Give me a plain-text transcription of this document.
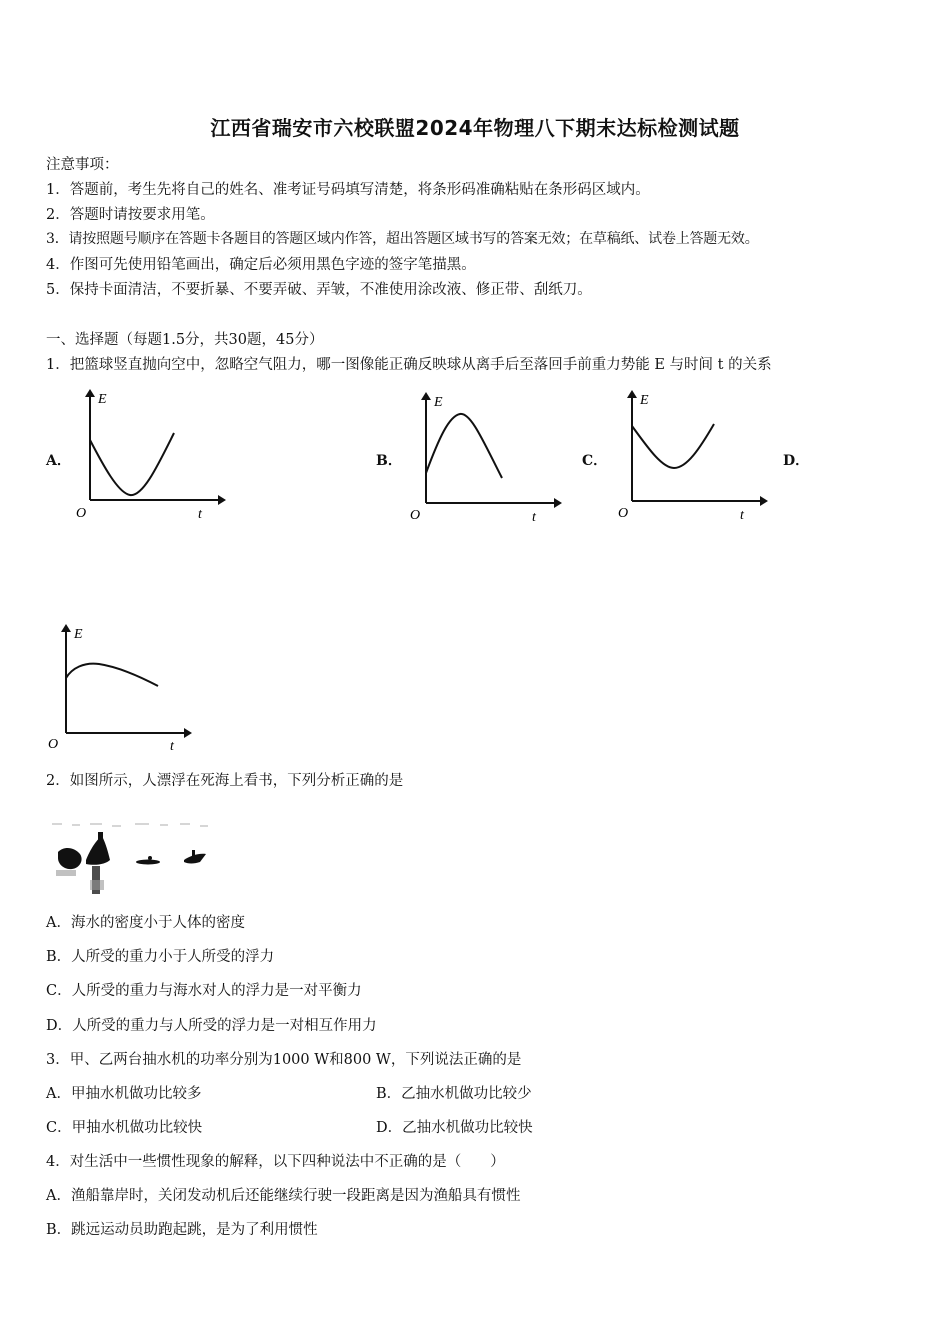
江西省瑞安市六校联盟2024年物理八下期末达标检测试题
注意事项：
1．答题前，考生先将自己的姓名、准考证号码填写清楚，将条形码准确粘贴在条形码区域内。
2．答题时请按要求用笔。
3．请按照题号顺序在答题卡各题目的答题区域内作答，超出答题区域书写的答案无效；在草稿纸、试卷上答题无效。
4．作图可先使用铅笔画出，确定后必须用黑色字迹的签字笔描黑。
5．保持卡面清洁，不要折暴、不要弄破、弄皱，不准使用涂改液、修正带、刮纸刀。
一、选择题（每题1.5分，共30题，45分）
1．把篮球竖直抛向空中，忽略空气阻力，哪一图像能正确反映球从离手后至落回手前重力势能 E 与时间 t 的关系
A．	B．	C．	D．
E
O	t
E
O	t
E
O	t
E
O	t
2．如图所示，人漂浮在死海上看书，下列分析正确的是
A．海水的密度小于人体的密度
B．人所受的重力小于人所受的浮力
C．人所受的重力与海水对人的浮力是一对平衡力
D．人所受的重力与人所受的浮力是一对相互作用力
3．甲、乙两台抽水机的功率分别为1000 W和800 W，下列说法正确的是
A．甲抽水机做功比较多	B．乙抽水机做功比较少
C．甲抽水机做功比较快	D．乙抽水机做功比较快
4．对生活中一些惯性现象的解释，以下四种说法中不正确的是（　　）
A．渔船靠岸时，关闭发动机后还能继续行驶一段距离是因为渔船具有惯性
B．跳远运动员助跑起跳，是为了利用惯性
